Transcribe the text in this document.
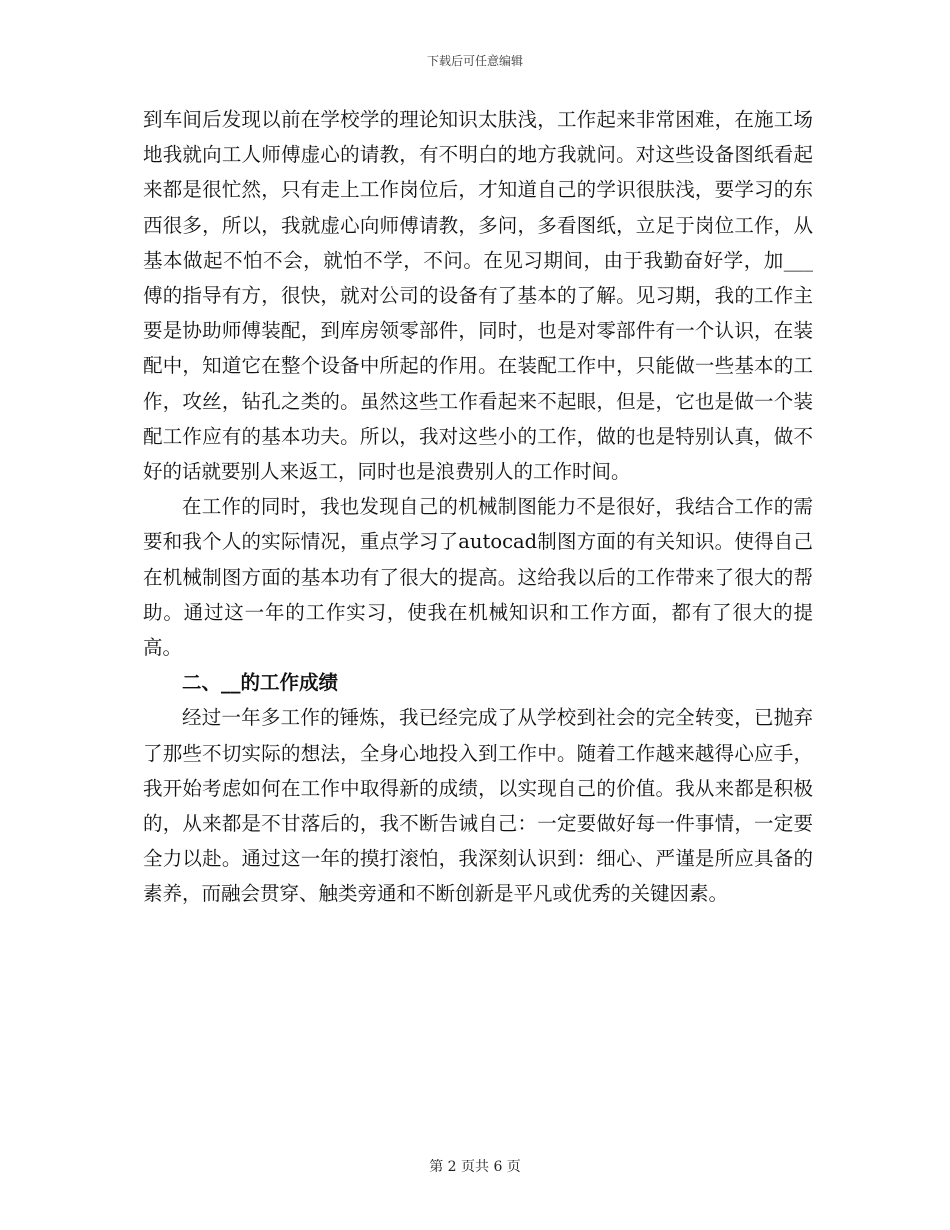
下载后可任意编辑

到车间后发现以前在学校学的理论知识太肤浅，工作起来非常困难，在施工场地我就向工人师傅虚心的请教，有不明白的地方我就问。对这些设备图纸看起来都是很忙然，只有走上工作岗位后，才知道自己的学识很肤浅，要学习的东西很多，所以，我就虚心向师傅请教，多问，多看图纸，立足于岗位工作，从基本做起不怕不会，就怕不学，不问。在见习期间，由于我勤奋好学，加___傅的指导有方，很快，就对公司的设备有了基本的了解。见习期，我的工作主要是协助师傅装配，到库房领零部件，同时，也是对零部件有一个认识，在装配中，知道它在整个设备中所起的作用。在装配工作中，只能做一些基本的工作，攻丝，钻孔之类的。虽然这些工作看起来不起眼，但是，它也是做一个装配工作应有的基本功夫。所以，我对这些小的工作，做的也是特别认真，做不好的话就要别人来返工，同时也是浪费别人的工作时间。

在工作的同时，我也发现自己的机械制图能力不是很好，我结合工作的需要和我个人的实际情况，重点学习了autocad制图方面的有关知识。使得自己在机械制图方面的基本功有了很大的提高。这给我以后的工作带来了很大的帮助。通过这一年的工作实习，使我在机械知识和工作方面，都有了很大的提高。

二、__的工作成绩

经过一年多工作的锤炼，我已经完成了从学校到社会的完全转变，已抛弃了那些不切实际的想法，全身心地投入到工作中。随着工作越来越得心应手，我开始考虑如何在工作中取得新的成绩，以实现自己的价值。我从来都是积极的，从来都是不甘落后的，我不断告诫自己：一定要做好每一件事情，一定要全力以赴。通过这一年的摸打滚怕，我深刻认识到：细心、严谨是所应具备的素养，而融会贯穿、触类旁通和不断创新是平凡或优秀的关键因素。

第 2 页共 6 页
